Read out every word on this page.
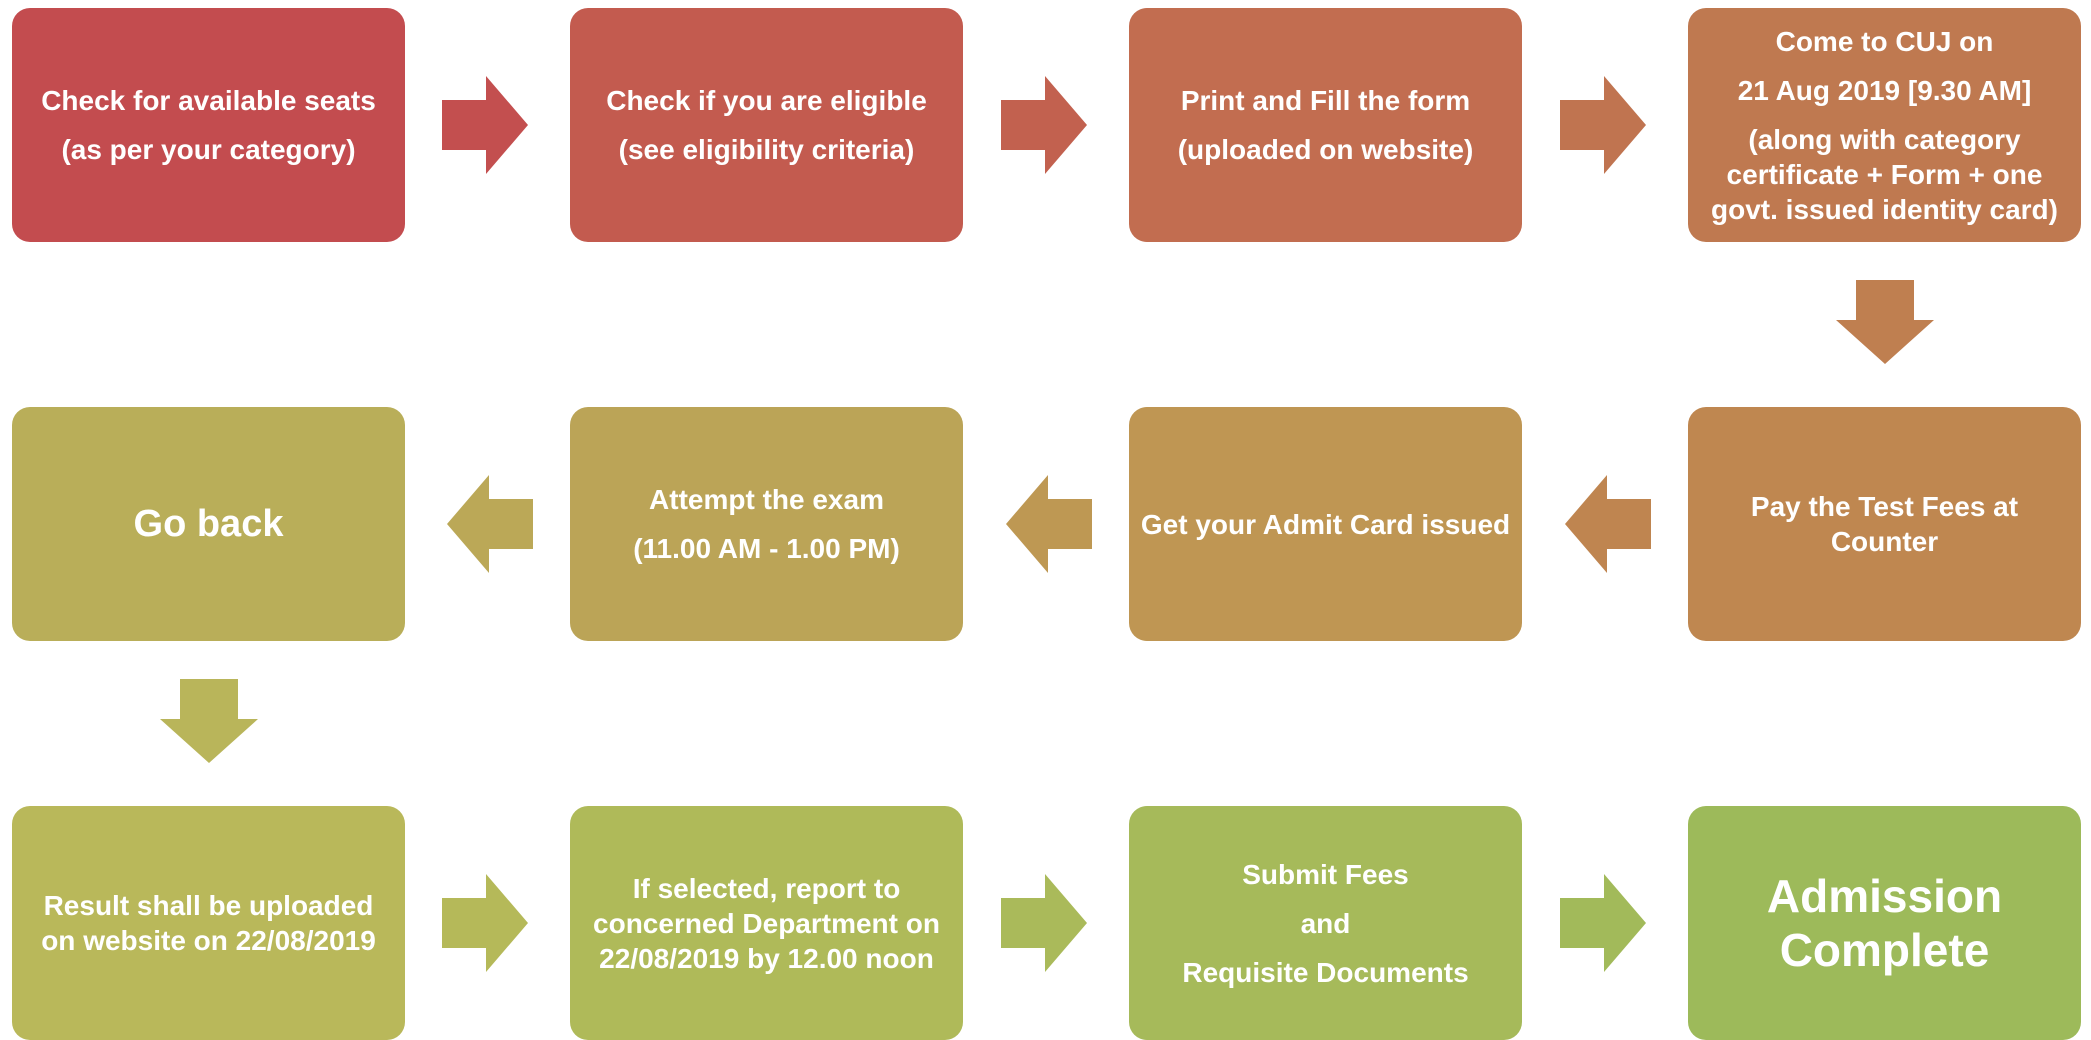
Check for available seats
(as per your category)
Check if you are eligible
(see eligibility criteria)
Print and Fill the form
(uploaded on website)
Come to CUJ on
21 Aug 2019 [9.30 AM]
(along with category
certificate + Form + one
govt. issued identity card)
Pay the Test Fees at
Counter
Get your Admit Card issued
Attempt the exam
(11.00 AM - 1.00 PM)
Go back
Result shall be uploaded
on website on 22/08/2019
If selected, report to
concerned Department on
22/08/2019 by 12.00 noon
Submit Fees
and
Requisite Documents
Admission
Complete
